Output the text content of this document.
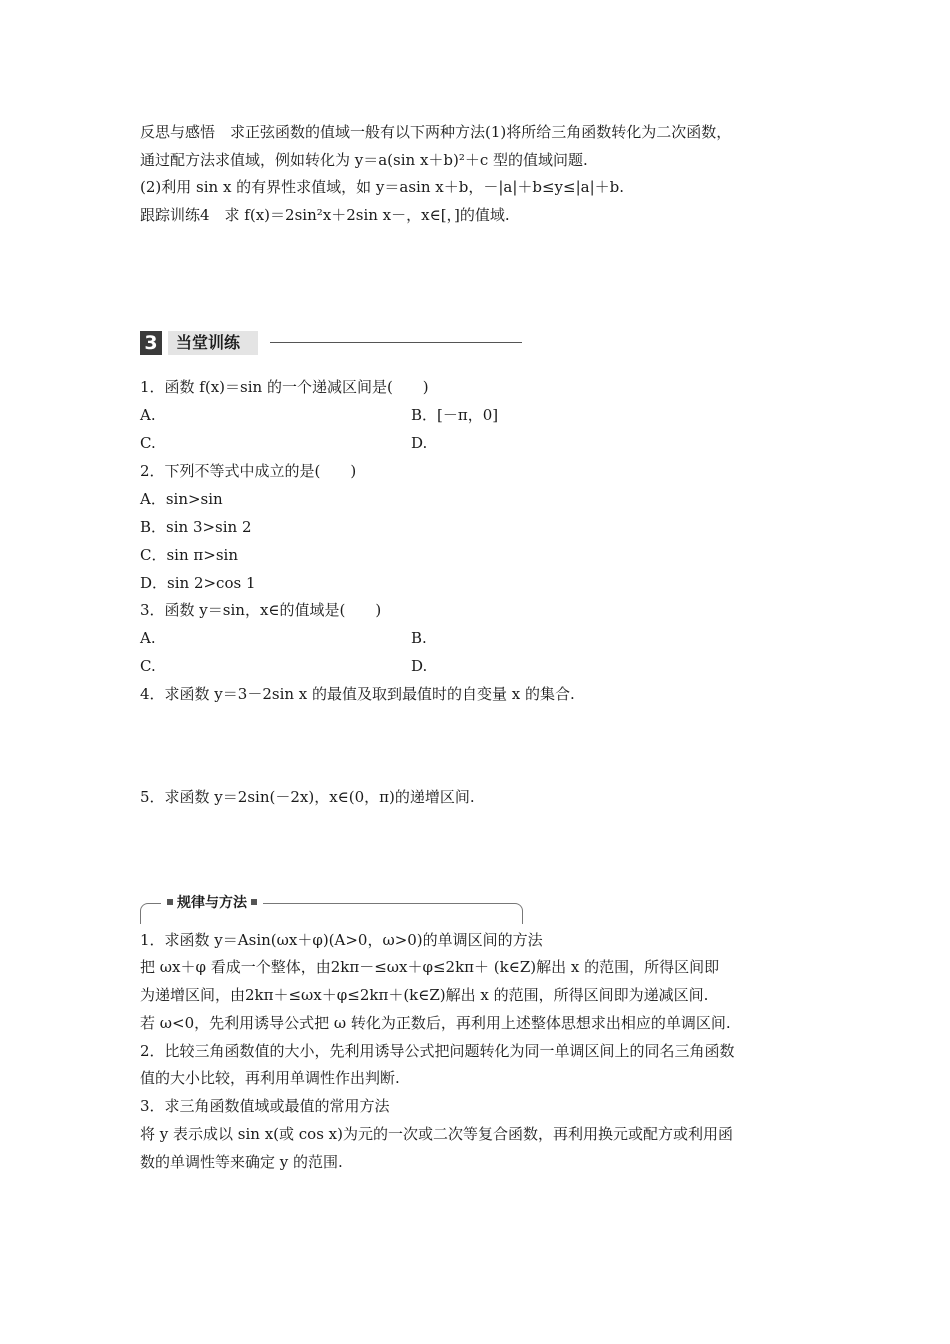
反思与感悟　求正弦函数的值域一般有以下两种方法(1)将所给三角函数转化为二次函数，
通过配方法求值域，例如转化为 y＝a(sin x＋b)²＋c 型的值域问题.
(2)利用 sin x 的有界性求值域，如 y＝asin x＋b，－|a|＋b≤y≤|a|＋b.
跟踪训练4　求 f(x)＝2sin²x＋2sin x－，x∈[，]的值域.
3	当堂训练
1．函数 f(x)＝sin 的一个递减区间是(　　)
A.	B．[－π，0]
C.	D.
2．下列不等式中成立的是(　　)
A．sin>sin
B．sin 3>sin 2
C．sin π>sin
D．sin 2>cos 1
3．函数 y＝sin，x∈的值域是(　　)
A.	B.
C.	D.
4．求函数 y＝3－2sin x 的最值及取到最值时的自变量 x 的集合.
5．求函数 y＝2sin(－2x)，x∈(0，π)的递增区间.
规律与方法
1．求函数 y＝Asin(ωx＋φ)(A>0，ω>0)的单调区间的方法
把 ωx＋φ 看成一个整体，由2kπ－≤ωx＋φ≤2kπ＋ (k∈Z)解出 x 的范围，所得区间即
为递增区间，由2kπ＋≤ωx＋φ≤2kπ＋(k∈Z)解出 x 的范围，所得区间即为递减区间.
若 ω<0，先利用诱导公式把 ω 转化为正数后，再利用上述整体思想求出相应的单调区间.
2．比较三角函数值的大小，先利用诱导公式把问题转化为同一单调区间上的同名三角函数
值的大小比较，再利用单调性作出判断.
3．求三角函数值域或最值的常用方法
将 y 表示成以 sin x(或 cos x)为元的一次或二次等复合函数，再利用换元或配方或利用函
数的单调性等来确定 y 的范围.
